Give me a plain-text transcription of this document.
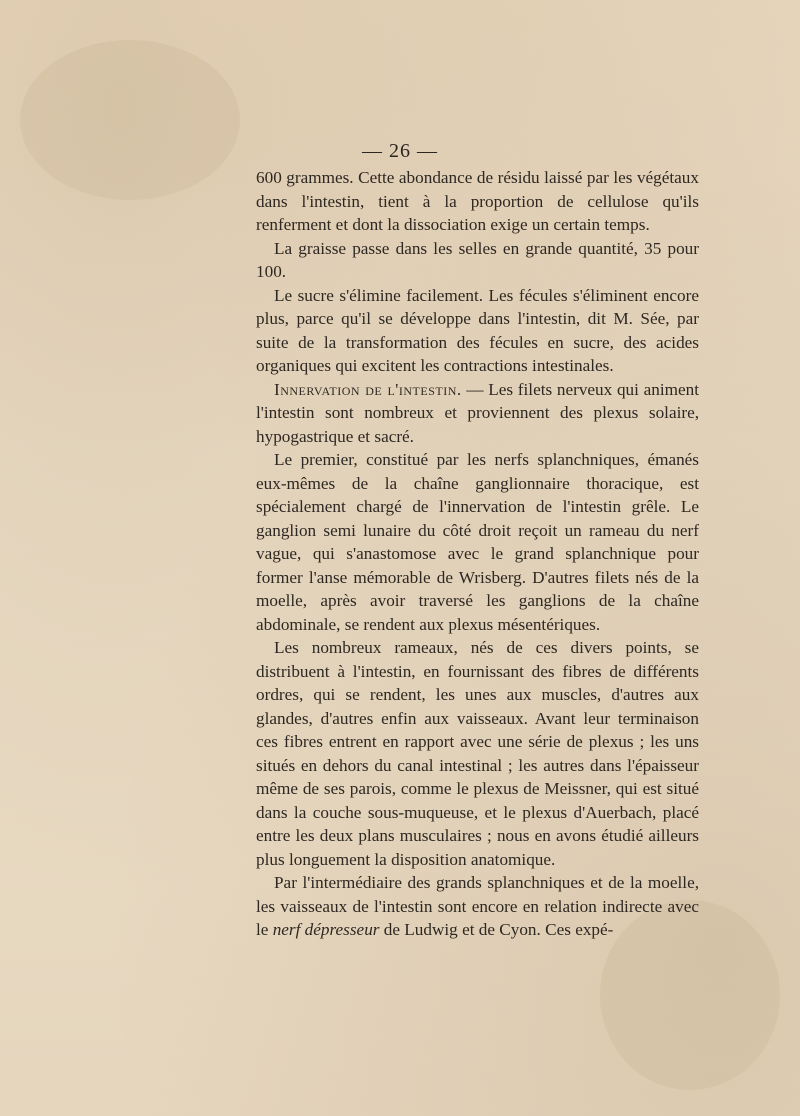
— 26 —

600 grammes. Cette abondance de résidu laissé par les végétaux dans l'intestin, tient à la proportion de cellulose qu'ils renferment et dont la dissociation exige un certain temps.

La graisse passe dans les selles en grande quantité, 35 pour 100.

Le sucre s'élimine facilement. Les fécules s'éliminent encore plus, parce qu'il se développe dans l'intestin, dit M. Sée, par suite de la transformation des fécules en sucre, des acides organiques qui excitent les contractions intestinales.

Innervation de l'intestin. — Les filets nerveux qui animent l'intestin sont nombreux et proviennent des plexus solaire, hypogastrique et sacré.

Le premier, constitué par les nerfs splanchniques, émanés eux-mêmes de la chaîne ganglionnaire thoracique, est spécialement chargé de l'innervation de l'intestin grêle. Le ganglion semi lunaire du côté droit reçoit un rameau du nerf vague, qui s'anastomose avec le grand splanchnique pour former l'anse mémorable de Wrisberg. D'autres filets nés de la moelle, après avoir traversé les ganglions de la chaîne abdominale, se rendent aux plexus mésentériques.

Les nombreux rameaux, nés de ces divers points, se distribuent à l'intestin, en fournissant des fibres de différents ordres, qui se rendent, les unes aux muscles, d'autres aux glandes, d'autres enfin aux vaisseaux. Avant leur terminaison ces fibres entrent en rapport avec une série de plexus ; les uns situés en dehors du canal intestinal ; les autres dans l'épaisseur même de ses parois, comme le plexus de Meissner, qui est situé dans la couche sous-muqueuse, et le plexus d'Auerbach, placé entre les deux plans musculaires ; nous en avons étudié ailleurs plus longuement la disposition anatomique.

Par l'intermédiaire des grands splanchniques et de la moelle, les vaisseaux de l'intestin sont encore en relation indirecte avec le nerf dépresseur de Ludwig et de Cyon. Ces expé-
